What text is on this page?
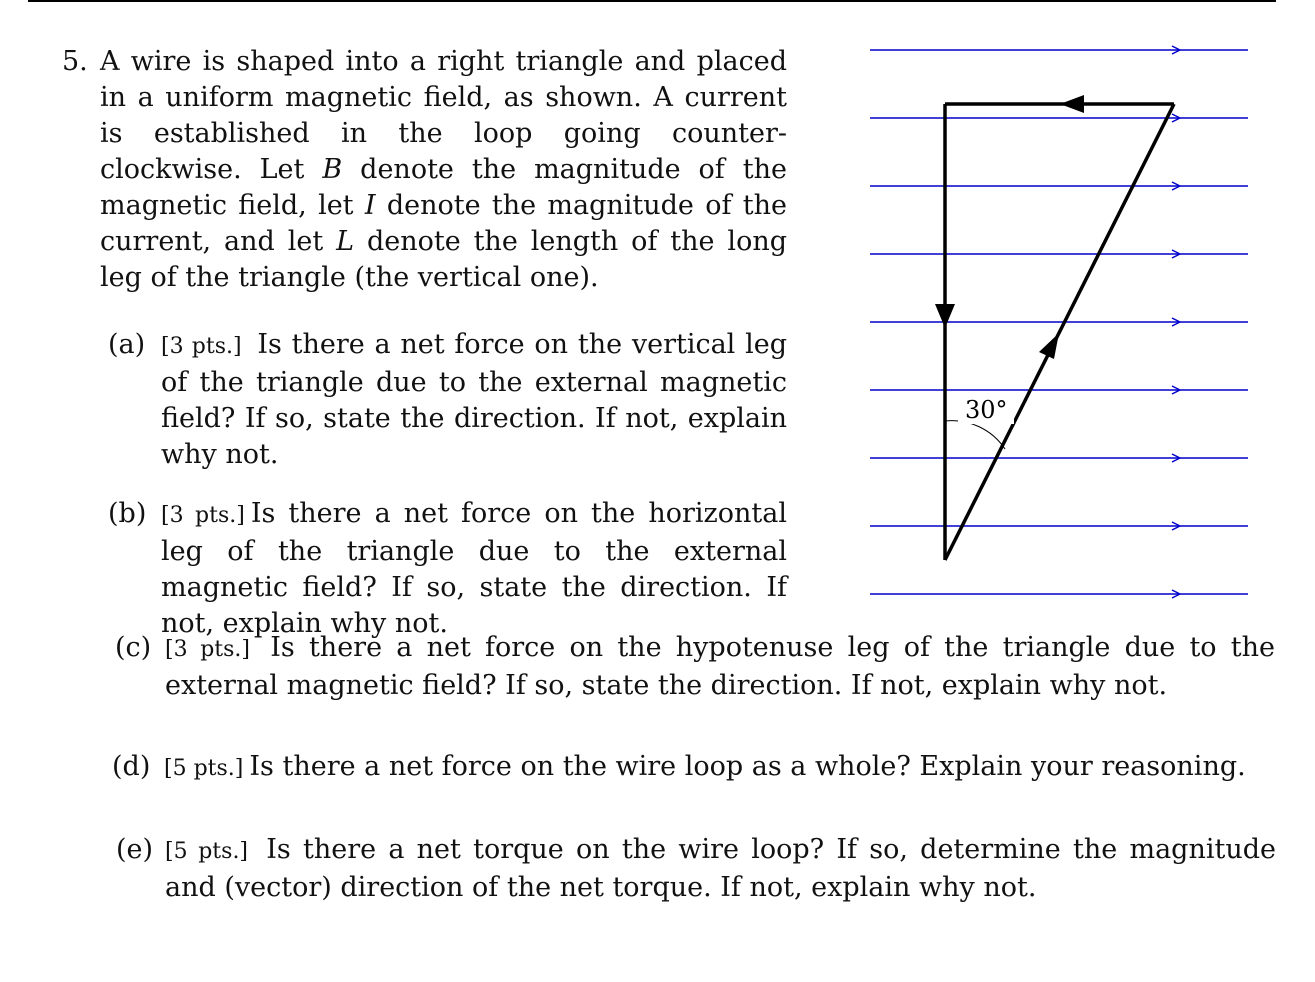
5. A wire is shaped into a right triangle and placed in a uniform magnetic field, as shown. A current is established in the loop going counter-clockwise. Let B denote the magnitude of the magnetic field, let I denote the magnitude of the current, and let L denote the length of the long leg of the triangle (the vertical one).
(a) [3 pts.] Is there a net force on the vertical leg of the triangle due to the external magnetic field? If so, state the direction. If not, explain why not.
(b) [3 pts.] Is there a net force on the horizontal leg of the triangle due to the external magnetic field? If so, state the direction. If not, explain why not.
(c) [3 pts.] Is there a net force on the hypotenuse leg of the triangle due to the external magnetic field? If so, state the direction. If not, explain why not.
(d) [5 pts.] Is there a net force on the wire loop as a whole? Explain your reasoning.
(e) [5 pts.] Is there a net torque on the wire loop? If so, determine the magnitude and (vector) direction of the net torque. If not, explain why not.
30°
